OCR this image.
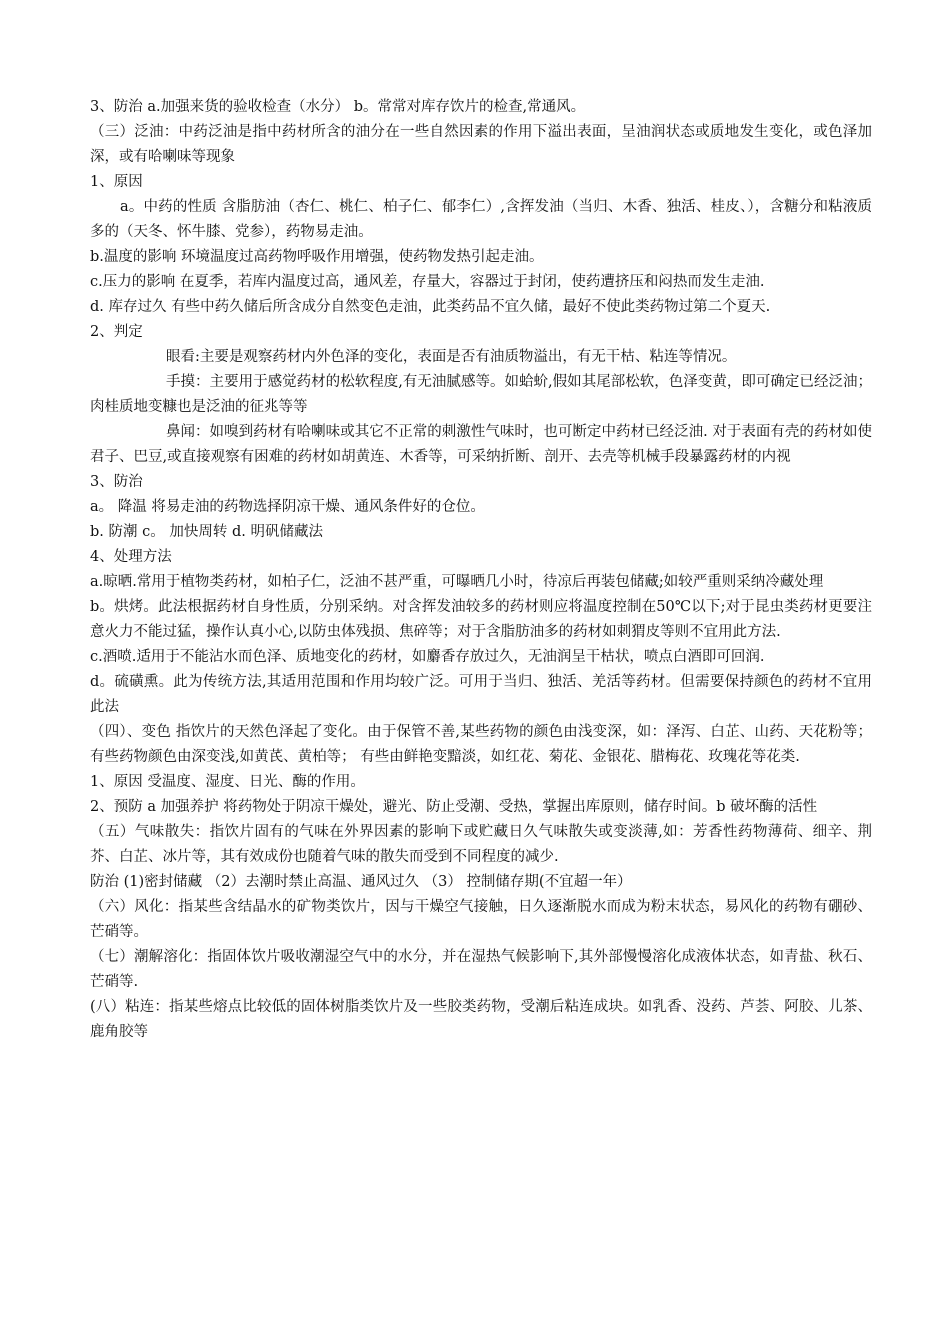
3、防治 a.加强来货的验收检查（水分） b。常常对库存饮片的检查,常通风。

（三）泛油：中药泛油是指中药材所含的油分在一些自然因素的作用下溢出表面，呈油润状态或质地发生变化，或色泽加深，或有哈喇味等现象

1、原因

a。中药的性质 含脂肪油（杏仁、桃仁、柏子仁、郁李仁）,含挥发油（当归、木香、独活、桂皮、），含糖分和粘液质多的（天冬、怀牛膝、党参），药物易走油。

b.温度的影响 环境温度过高药物呼吸作用增强，使药物发热引起走油。

c.压力的影响 在夏季，若库内温度过高，通风差，存量大，容器过于封闭，使药遭挤压和闷热而发生走油.

d. 库存过久 有些中药久储后所含成分自然变色走油，此类药品不宜久储，最好不使此类药物过第二个夏天.

2、判定

眼看:主要是观察药材内外色泽的变化，表面是否有油质物溢出，有无干枯、粘连等情况。

手摸：主要用于感觉药材的松软程度,有无油腻感等。如蛤蚧,假如其尾部松软，色泽变黄，即可确定已经泛油；肉桂质地变糠也是泛油的征兆等等

鼻闻：如嗅到药材有哈喇味或其它不正常的刺激性气味时，也可断定中药材已经泛油. 对于表面有壳的药材如使君子、巴豆,或直接观察有困难的药材如胡黄连、木香等，可采纳折断、剖开、去壳等机械手段暴露药材的内视

3、防治

a。 降温 将易走油的药物选择阴凉干燥、通风条件好的仓位。

b. 防潮 c。 加快周转 d. 明矾储藏法

4、处理方法

a.晾晒.常用于植物类药材，如柏子仁，泛油不甚严重，可曝晒几小时，待凉后再装包储藏;如较严重则采纳冷藏处理

b。烘烤。此法根据药材自身性质，分别采纳。对含挥发油较多的药材则应将温度控制在50℃以下;对于昆虫类药材更要注意火力不能过猛，操作认真小心,以防虫体残损、焦碎等；对于含脂肪油多的药材如刺猬皮等则不宜用此方法.

c.酒喷.适用于不能沾水而色泽、质地变化的药材，如麝香存放过久，无油润呈干枯状，喷点白酒即可回润.

d。硫磺熏。此为传统方法,其适用范围和作用均较广泛。可用于当归、独活、羌活等药材。但需要保持颜色的药材不宜用此法

（四）、变色 指饮片的天然色泽起了变化。由于保管不善,某些药物的颜色由浅变深，如：泽泻、白芷、山药、天花粉等；有些药物颜色由深变浅,如黄芪、黄柏等； 有些由鲜艳变黯淡，如红花、菊花、金银花、腊梅花、玫瑰花等花类.

1、原因 受温度、湿度、日光、酶的作用。

2、预防 a 加强养护 将药物处于阴凉干燥处，避光、防止受潮、受热，掌握出库原则，储存时间。b 破坏酶的活性

（五）气味散失：指饮片固有的气味在外界因素的影响下或贮藏日久气味散失或变淡薄,如：芳香性药物薄荷、细辛、荆芥、白芷、冰片等，其有效成份也随着气味的散失而受到不同程度的减少.

防治 (1)密封储藏 （2）去潮时禁止高温、通风过久 （3） 控制储存期(不宜超一年）

（六）风化：指某些含结晶水的矿物类饮片，因与干燥空气接触，日久逐渐脱水而成为粉末状态，易风化的药物有硼砂、芒硝等。

（七）潮解溶化：指固体饮片吸收潮湿空气中的水分，并在湿热气候影响下,其外部慢慢溶化成液体状态，如青盐、秋石、芒硝等.

(八）粘连：指某些熔点比较低的固体树脂类饮片及一些胶类药物，受潮后粘连成块。如乳香、没药、芦荟、阿胶、儿茶、鹿角胶等
